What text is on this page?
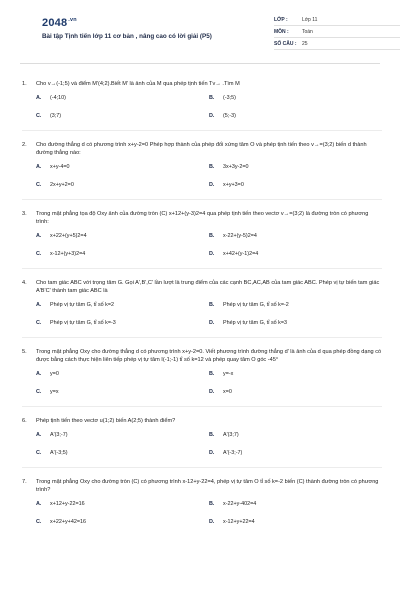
$2048^{.vn}$
Bài tập Tịnh tiến lớp 11 cơ bản , nâng cao có lời giải (P5)
LỚP :	Lớp 11
MÔN :	Toán
SỐ CÂU :	25
1.	Cho v→(-1;5) và điểm M'(4;2).Biết M' là ảnh của M qua phép tịnh tiến Tv→ .Tìm M
A.	(-4;10)	B.	(-3;5)
C.	(3;7)	D.	(5;-3)
2.	Cho đường thẳng d có phương trình x+y-2=0 Phép hợp thành của phép đối xứng tâm O và phép tịnh tiến theo v→=(3;2) biến d thành đường thẳng nào:
A.	x+y-4=0	B.	3x+3y-2=0
C.	2x+y+2=0	D.	x+y+3=0
3.	Trong mặt phẳng tọa độ Oxy ảnh của đường tròn (C) x+12+(y-3)2=4 qua phép tịnh tiến theo vectơ v→=(3;2) là đường tròn có phương trình:
A.	x+22+(y+5)2=4	B.	x-22+(y-5)2=4
C.	x-12+(y+3)2=4	D.	x+42+(y-1)2=4
4.	Cho tam giác ABC với trọng tâm G. Gọi A',B',C' lần lượt là trung điểm của các cạnh BC,AC,AB của tam giác ABC. Phép vị tự biến tam giác A'B'C' thành tam giác ABC là
A.	Phép vị tự tâm G, tỉ số k=2	B.	Phép vị tự tâm G, tỉ số k=-2
C.	Phép vị tự tâm G, tỉ số k=-3	D.	Phép vị tự tâm G, tỉ số k=3
5.	Trong mặt phẳng Oxy cho đường thẳng d có phương trình x+y-2=0. Viết phương trình đường thẳng d' là ảnh của d qua phép đồng dạng có được bằng cách thực hiện liên tiếp phép vị tự tâm I(-1;-1) tỉ số k=12 và phép quay tâm O góc -45°
A.	y=0	B.	y=-x
C.	y=x	D.	x=0
6.	Phép tịnh tiến theo vectơ u(1;2) biến A(2;5) thành điểm?
A.	A'(3;-7)	B.	A'(3;7)
C.	A'(-3;5)	D.	A'(-3;-7)
7.	Trong mặt phẳng Oxy cho đường tròn (C) có phương trình x-12+y-22=4, phép vị tự tâm O tỉ số k=-2 biến (C) thành đường tròn có phương trình?
A.	x+12+y-22=16	B.	x-22+y-402=4
C.	x+22+y+42=16	D.	x-12+y+22=4
